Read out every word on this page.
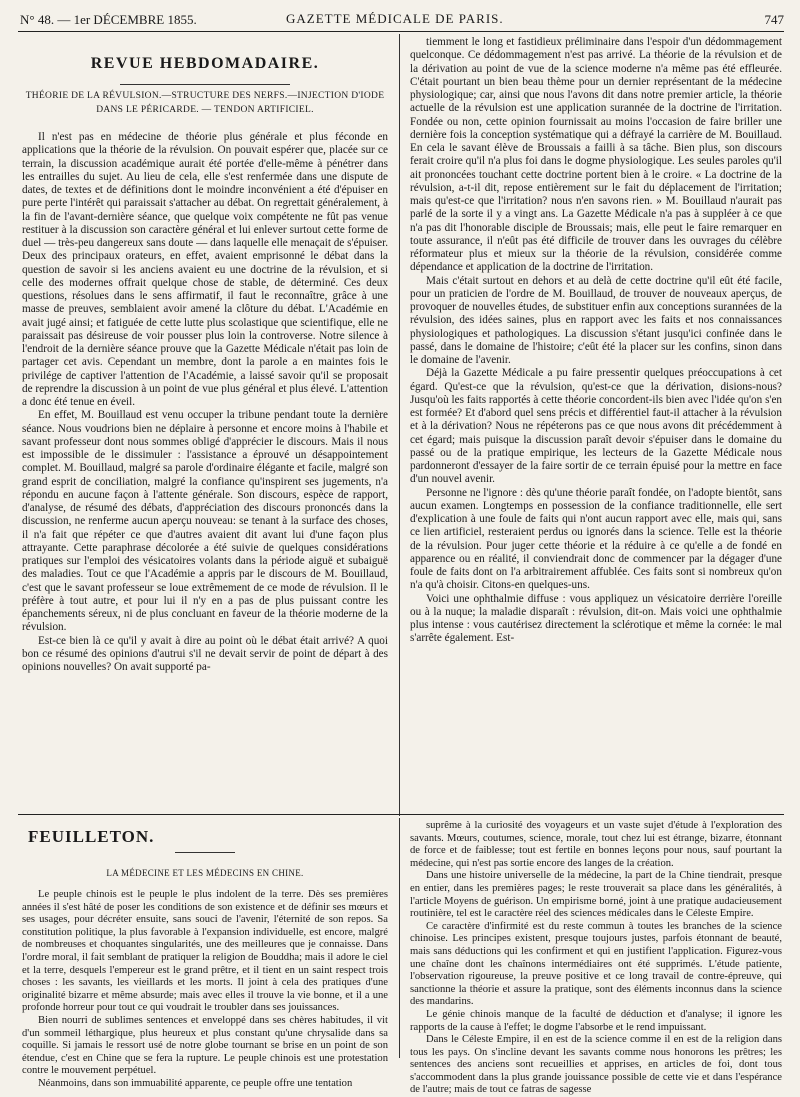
N° 48. — 1er DÉCEMBRE 1855.	GAZETTE MÉDICALE DE PARIS.	747
REVUE HEBDOMADAIRE.
THÉORIE DE LA RÉVULSION.—STRUCTURE DES NERFS.—INJECTION D'IODE DANS LE PÉRICARDE. — TENDON ARTIFICIEL.

Il n'est pas en médecine de théorie plus générale et plus féconde en applications que la théorie de la révulsion. On pouvait espérer que, placée sur ce terrain, la discussion académique aurait été portée d'elle-même à pénétrer dans les entrailles du sujet. Au lieu de cela, elle s'est renfermée dans une dispute de dates, de textes et de définitions dont le moindre inconvénient a été d'épuiser en pure perte l'intérêt qui paraissait s'attacher au débat. On regrettait généralement, à la fin de l'avant-dernière séance, que quelque voix compétente ne fût pas venue restituer à la discussion son caractère général et lui enlever surtout cette forme de duel — très-peu dangereux sans doute — dans laquelle elle menaçait de s'épuiser. Deux des principaux orateurs, en effet, avaient emprisonné le débat dans la question de savoir si les anciens avaient eu une doctrine de la révulsion, et si celle des modernes offrait quelque chose de stable, de déterminé. Ces deux questions, résolues dans le sens affirmatif, il faut le reconnaître, grâce à une masse de preuves, semblaient avoir amené la clôture du débat. L'Académie en avait jugé ainsi; et fatiguée de cette lutte plus scolastique que scientifique, elle ne paraissait pas désireuse de voir pousser plus loin la controverse. Notre silence à l'endroit de la dernière séance prouve que la Gazette Médicale n'était pas loin de partager cet avis. Cependant un membre, dont la parole a en maintes fois le privilége de captiver l'attention de l'Académie, a laissé savoir qu'il se proposait de reprendre la discussion à un point de vue plus général et plus élevé. L'attention a donc été tenue en éveil.

En effet, M. Bouillaud est venu occuper la tribune pendant toute la dernière séance. Nous voudrions bien ne déplaire à personne et encore moins à l'habile et savant professeur dont nous sommes obligé d'apprécier le discours. Mais il nous est impossible de le dissimuler : l'assistance a éprouvé un désappointement complet. M. Bouillaud, malgré sa parole d'ordinaire élégante et facile, malgré son grand esprit de conciliation, malgré la confiance qu'inspirent ses jugements, n'a répondu en aucune façon à l'attente générale. Son discours, espèce de rapport, d'analyse, de résumé des débats, d'appréciation des discours prononcés dans la discussion, ne renferme aucun aperçu nouveau: se tenant à la surface des choses, il n'a fait que répéter ce que d'autres avaient dit avant lui d'une façon plus attrayante. Cette paraphrase décolorée a été suivie de quelques considérations pratiques sur l'emploi des vésicatoires volants dans la période aiguë et subaiguë des maladies. Tout ce que l'Académie a appris par le discours de M. Bouillaud, c'est que le savant professeur se loue extrêmement de ce mode de révulsion. Il le préfère à tout autre, et pour lui il n'y en a pas de plus puissant contre les épanchements séreux, ni de plus concluant en faveur de la théorie moderne de la révulsion.

Est-ce bien là ce qu'il y avait à dire au point où le débat était arrivé? A quoi bon ce résumé des opinions d'autrui s'il ne devait servir de point de départ à des opinions nouvelles? On avait supporté pa-

tiemment le long et fastidieux préliminaire dans l'espoir d'un dédommagement quelconque. Ce dédommagement n'est pas arrivé. La théorie de la révulsion et de la dérivation au point de vue de la science moderne n'a même pas été effleurée. C'était pourtant un bien beau thème pour un dernier représentant de la médecine physiologique; car, ainsi que nous l'avons dit dans notre premier article, la théorie actuelle de la révulsion est une application surannée de la doctrine de l'irritation. Fondée ou non, cette opinion fournissait au moins l'occasion de faire briller une dernière fois la conception systématique qui a défrayé la carrière de M. Bouillaud. En cela le savant élève de Broussais a failli à sa tâche. Bien plus, son discours ferait croire qu'il n'a plus foi dans le dogme physiologique. Les seules paroles qu'il ait prononcées touchant cette doctrine portent bien à le croire. « La doctrine de la révulsion, a-t-il dit, repose entièrement sur le fait du déplacement de l'irritation; mais qu'est-ce que l'irritation? nous n'en savons rien. » M. Bouillaud n'aurait pas parlé de la sorte il y a vingt ans. La Gazette Médicale n'a pas à suppléer à ce que n'a pas dit l'honorable disciple de Broussais; mais, elle peut le faire remarquer en toute assurance, il n'eût pas été difficile de trouver dans les ouvrages du célèbre réformateur plus et mieux sur la théorie de la révulsion, considérée comme dépendance et application de la doctrine de l'irritation.

Mais c'était surtout en dehors et au delà de cette doctrine qu'il eût été facile, pour un praticien de l'ordre de M. Bouillaud, de trouver de nouveaux aperçus, de provoquer de nouvelles études, de substituer enfin aux conceptions surannées de la révulsion, des idées saines, plus en rapport avec les faits et nos connaissances physiologiques et pathologiques. La discussion s'étant jusqu'ici confinée dans le passé, dans le domaine de l'histoire; c'eût été la placer sur les confins, sinon dans le domaine de l'avenir.

Déjà la Gazette Médicale a pu faire pressentir quelques préoccupations à cet égard. Qu'est-ce que la révulsion, qu'est-ce que la dérivation, disions-nous? Jusqu'où les faits rapportés à cette théorie concordent-ils bien avec l'idée qu'on s'en est formée? Et d'abord quel sens précis et différentiel faut-il attacher à la révulsion et à la dérivation? Nous ne répéterons pas ce que nous avons dit précédemment à cet égard; mais puisque la discussion paraît devoir s'épuiser dans le domaine du passé ou de la pratique empirique, les lecteurs de la Gazette Médicale nous pardonneront d'essayer de la faire sortir de ce terrain épuisé pour la mettre en face d'un nouvel avenir.

Personne ne l'ignore : dès qu'une théorie paraît fondée, on l'adopte bientôt, sans aucun examen. Longtemps en possession de la confiance traditionnelle, elle sert d'explication à une foule de faits qui n'ont aucun rapport avec elle, mais qui, sans ce lien artificiel, resteraient perdus ou ignorés dans la science. Telle est la théorie de la révulsion. Pour juger cette théorie et la réduire à ce qu'elle a de fondé en apparence ou en réalité, il conviendrait donc de commencer par la dégager d'une foule de faits dont on l'a arbitrairement affublée. Ces faits sont si nombreux qu'on n'a qu'à choisir. Citons-en quelques-uns.

Voici une ophthalmie diffuse : vous appliquez un vésicatoire derrière l'oreille ou à la nuque; la maladie disparaît : révulsion, dit-on. Mais voici une ophthalmie plus intense : vous cautérisez directement la sclérotique et même la cornée: le mal s'arrête également. Est-

FEUILLETON.
LA MÉDECINE ET LES MÉDECINS EN CHINE.

Le peuple chinois est le peuple le plus indolent de la terre. Dès ses premières années il s'est hâté de poser les conditions de son existence et de définir ses mœurs et ses usages, pour décréter ensuite, sans souci de l'avenir, l'éternité de son repos. Sa constitution politique, la plus favorable à l'expansion individuelle, est encore, malgré de nombreuses et choquantes singularités, une des meilleures que je connaisse. Dans l'ordre moral, il fait semblant de pratiquer la religion de Bouddha; mais il adore le ciel et la terre, desquels l'empereur est le grand prêtre, et il tient en un saint respect trois choses : les savants, les vieillards et les morts. Il joint à cela des pratiques d'une originalité bizarre et même absurde; mais avec elles il trouve la vie bonne, et il a une profonde horreur pour tout ce qui voudrait le troubler dans ses jouissances.

Bien nourri de sublimes sentences et enveloppé dans ses chères habitudes, il vit d'un sommeil léthargique, plus heureux et plus constant qu'une chrysalide dans sa coquille. Si jamais le ressort usé de notre globe tournant se brise en un point de son étendue, c'est en Chine que se fera la rupture. Le peuple chinois est une protestation contre le mouvement perpétuel.

Néanmoins, dans son immuabilité apparente, ce peuple offre une tentation

suprême à la curiosité des voyageurs et un vaste sujet d'étude à l'exploration des savants. Mœurs, coutumes, science, morale, tout chez lui est étrange, bizarre, étonnant de force et de faiblesse; tout est fertile en bonnes leçons pour nous, sauf pourtant la médecine, qui n'est pas sortie encore des langes de la création.

Dans une histoire universelle de la médecine, la part de la Chine tiendrait, presque en entier, dans les premières pages; le reste trouverait sa place dans les généralités, à l'article Moyens de guérison. Un empirisme borné, joint à une pratique audacieusement routinière, tel est le caractère réel des sciences médicales dans le Céleste Empire.

Ce caractère d'infirmité est du reste commun à toutes les branches de la science chinoise. Les principes existent, presque toujours justes, parfois étonnant de beauté, mais sans déductions qui les confirment et qui en justifient l'application. Figurez-vous une chaîne dont les chaînons intermédiaires ont été supprimés. L'étude patiente, l'observation rigoureuse, la preuve positive et ce long travail de contre-épreuve, qui sanctionne la théorie et assure la pratique, sont des éléments inconnus dans la science des mandarins.

Le génie chinois manque de la faculté de déduction et d'analyse; il ignore les rapports de la cause à l'effet; le dogme l'absorbe et le rend impuissant.

Dans le Céleste Empire, il en est de la science comme il en est de la religion dans tous les pays. On s'incline devant les savants comme nous honorons les prêtres; les sentences des anciens sont recueillies et apprises, en articles de foi, dont tous s'accommodent dans la plus grande jouissance possible de cette vie et dans l'espérance de l'autre; mais de tout ce fatras de sagesse
